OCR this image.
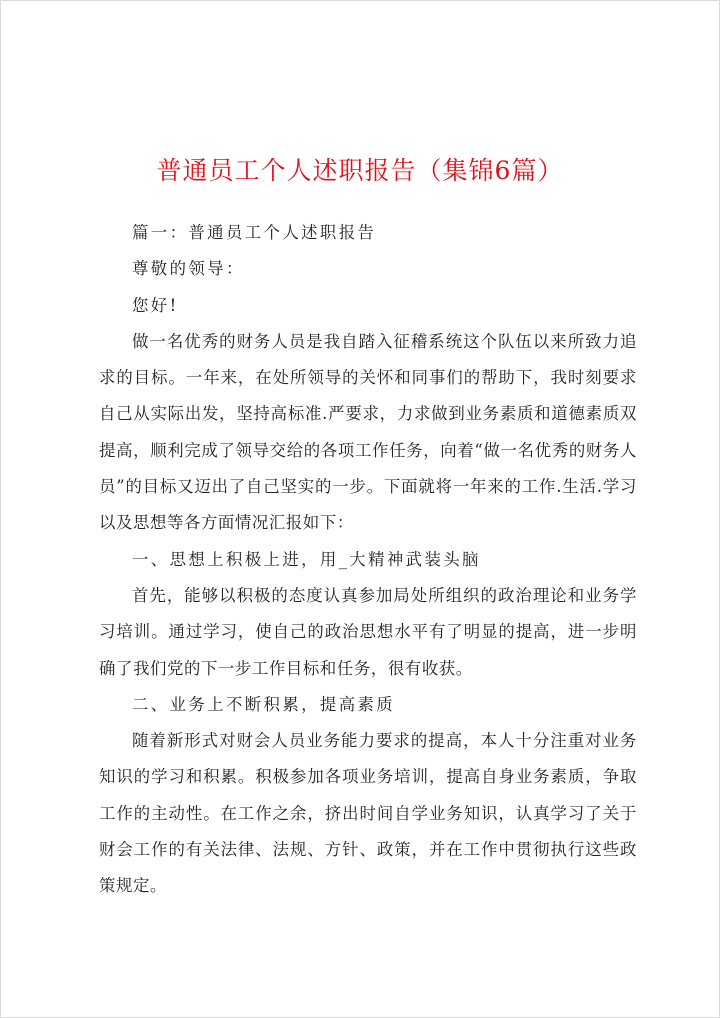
普通员工个人述职报告（集锦6篇）

篇一：普通员工个人述职报告

尊敬的领导：

您好!

做一名优秀的财务人员是我自踏入征稽系统这个队伍以来所致力追求的目标。一年来，在处所领导的关怀和同事们的帮助下，我时刻要求自己从实际出发，坚持高标准.严要求，力求做到业务素质和道德素质双提高，顺利完成了领导交给的各项工作任务，向着“做一名优秀的财务人员”的目标又迈出了自己坚实的一步。下面就将一年来的工作.生活.学习以及思想等各方面情况汇报如下：

一、思想上积极上进，用_大精神武装头脑

首先，能够以积极的态度认真参加局处所组织的政治理论和业务学习培训。通过学习，使自己的政治思想水平有了明显的提高，进一步明确了我们党的下一步工作目标和任务，很有收获。

二、业务上不断积累，提高素质

随着新形式对财会人员业务能力要求的提高，本人十分注重对业务知识的学习和积累。积极参加各项业务培训，提高自身业务素质，争取工作的主动性。在工作之余，挤出时间自学业务知识，认真学习了关于财会工作的有关法律、法规、方针、政策，并在工作中贯彻执行这些政策规定。
